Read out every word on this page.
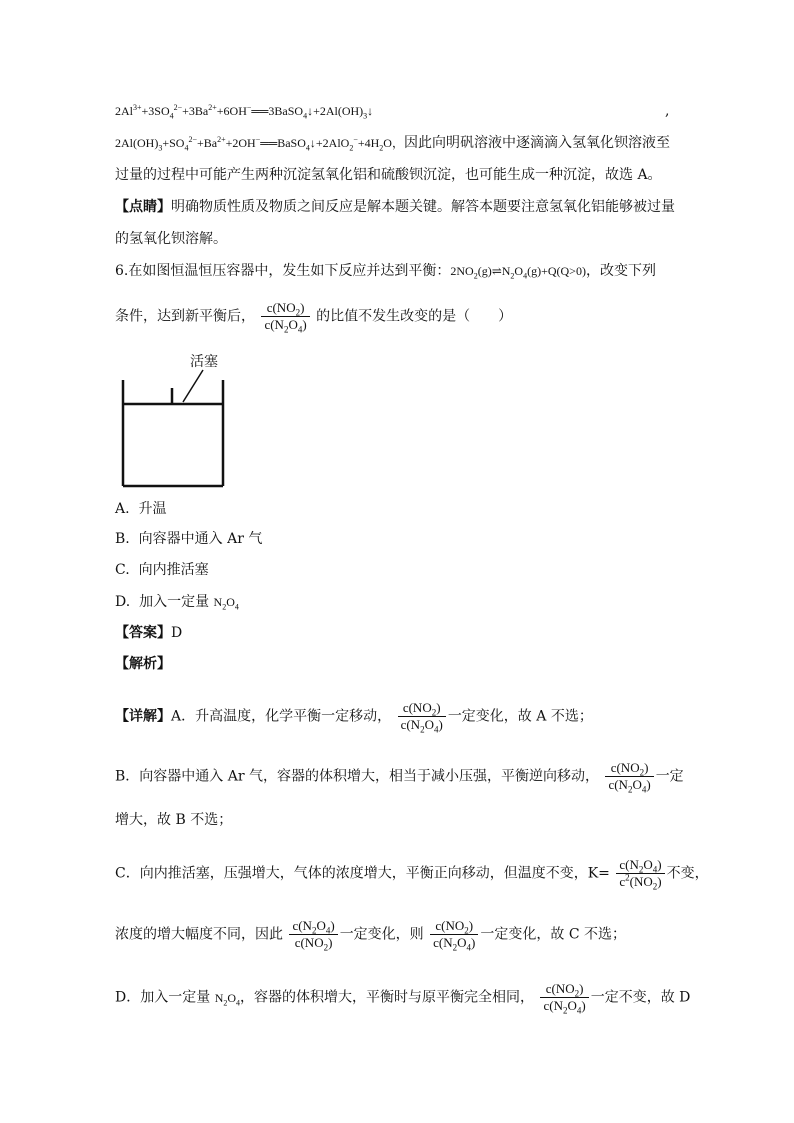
$2Al^{3+}+3SO_4^{2-}+3Ba^{2+}+6OH^-══3BaSO_4↓+2Al(OH)_3↓$	,
$2Al(OH)_3+SO_4^{2-}+Ba^{2+}+2OH^-══BaSO_4↓+2AlO_2^-+4H_2O$，因此向明矾溶液中逐滴滴入氢氧化钡溶液至
过量的过程中可能产生两种沉淀氢氧化铝和硫酸钡沉淀，也可能生成一种沉淀，故选 A。
【点睛】明确物质性质及物质之间反应是解本题关键。解答本题要注意氢氧化铝能够被过量
的氢氧化钡溶解。
6.在如图恒温恒压容器中，发生如下反应并达到平衡：$2NO_2(g)\rightleftharpoons N_2O_4(g)+Q(Q>0)$，改变下列
条件，达到新平衡后， $\frac{c(NO_2)}{c(N_2O_4)}$ 的比值不发生改变的是（　　）
活塞
A. 升温
B. 向容器中通入 Ar 气
C. 向内推活塞
D. 加入一定量 $N_2O_4$
【答案】D
【解析】
【详解】A．升高温度，化学平衡一定移动， $\frac{c(NO_2)}{c(N_2O_4)}$ 一定变化，故 A 不选；
B．向容器中通入 Ar 气，容器的体积增大，相当于减小压强，平衡逆向移动， $\frac{c(NO_2)}{c(N_2O_4)}$ 一定
增大，故 B 不选；
C．向内推活塞，压强增大，气体的浓度增大，平衡正向移动，但温度不变，$K= \frac{c(N_2O_4)}{c^2(NO_2)}$ 不变，
浓度的增大幅度不同，因此 $\frac{c(N_2O_4)}{c(NO_2)}$ 一定变化，则 $\frac{c(NO_2)}{c(N_2O_4)}$ 一定变化，故 C 不选；
D．加入一定量 $N_2O_4$，容器的体积增大，平衡时与原平衡完全相同， $\frac{c(NO_2)}{c(N_2O_4)}$ 一定不变，故 D
